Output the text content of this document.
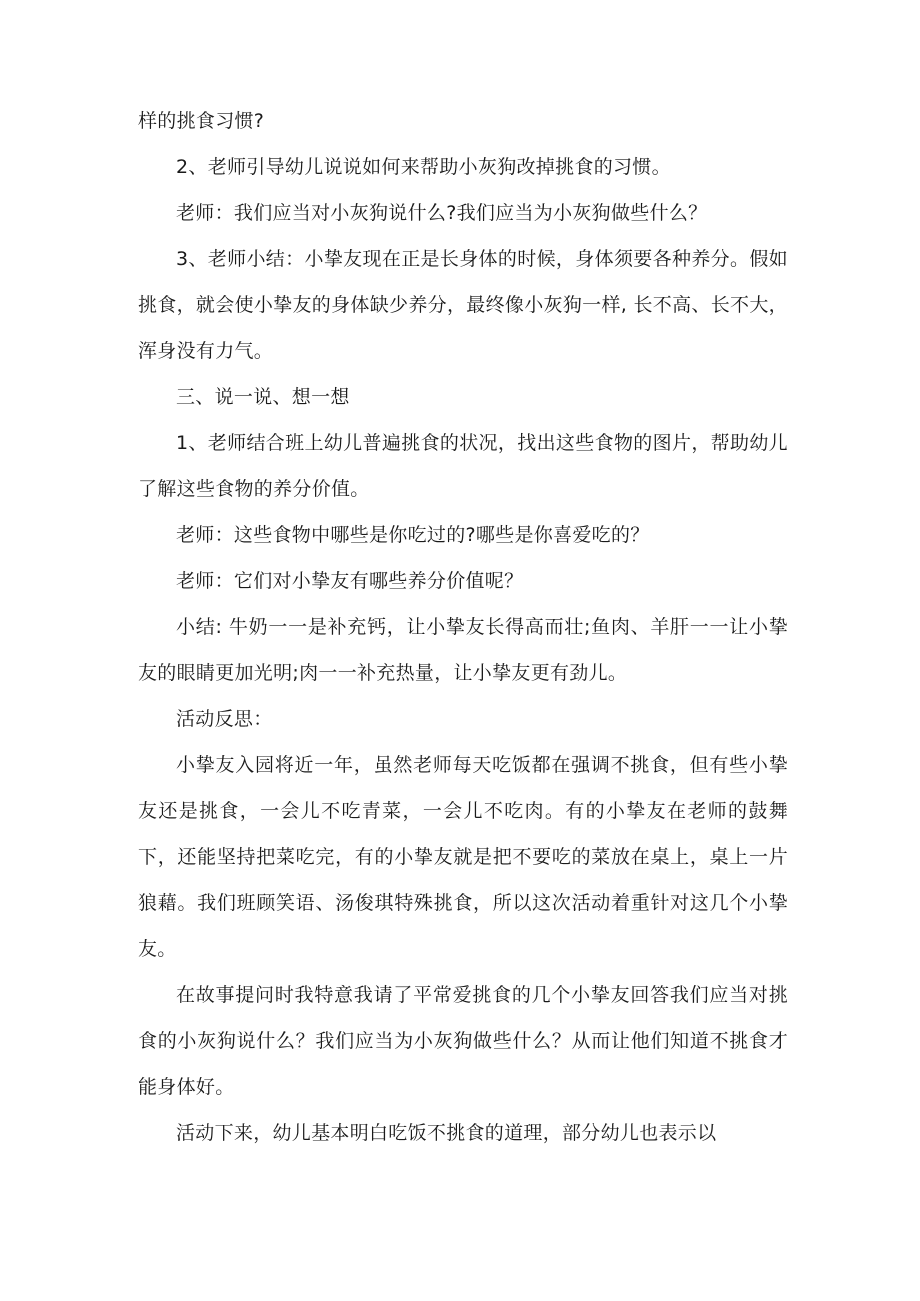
样的挑食习惯?

2、老师引导幼儿说说如何来帮助小灰狗改掉挑食的习惯。

老师：我们应当对小灰狗说什么?我们应当为小灰狗做些什么？

3、老师小结：小挚友现在正是长身体的时候，身体须要各种养分。假如挑食，就会使小挚友的身体缺少养分，最终像小灰狗一样, 长不高、长不大，浑身没有力气。

三、说一说、想一想

1、老师结合班上幼儿普遍挑食的状况，找出这些食物的图片，帮助幼儿了解这些食物的养分价值。

老师：这些食物中哪些是你吃过的?哪些是你喜爱吃的？

老师：它们对小挚友有哪些养分价值呢？

小结: 牛奶一一是补充钙，让小挚友长得高而壮;鱼肉、羊肝一一让小挚友的眼睛更加光明;肉一一补充热量，让小挚友更有劲儿。

活动反思：

小挚友入园将近一年，虽然老师每天吃饭都在强调不挑食，但有些小挚友还是挑食，一会儿不吃青菜，一会儿不吃肉。有的小挚友在老师的鼓舞下，还能坚持把菜吃完，有的小挚友就是把不要吃的菜放在桌上，桌上一片狼藉。我们班顾笑语、汤俊琪特殊挑食，所以这次活动着重针对这几个小挚友。

在故事提问时我特意我请了平常爱挑食的几个小挚友回答我们应当对挑食的小灰狗说什么？我们应当为小灰狗做些什么？从而让他们知道不挑食才能身体好。

活动下来，幼儿基本明白吃饭不挑食的道理，部分幼儿也表示以
